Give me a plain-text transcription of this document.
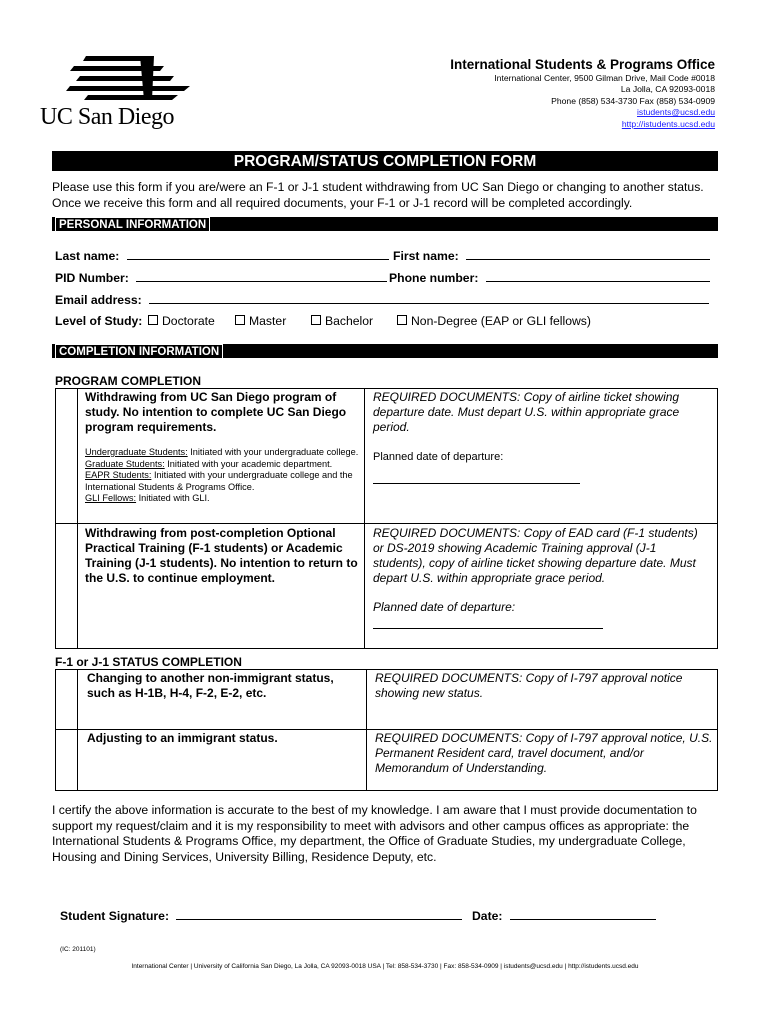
UC San Diego
International Students & Programs Office
International Center, 9500 Gilman Drive, Mail Code #0018
La Jolla, CA 92093-0018
Phone (858) 534-3730 Fax (858) 534-0909
istudents@ucsd.edu
http://istudents.ucsd.edu
PROGRAM/STATUS COMPLETION FORM
Please use this form if you are/were an F-1 or J-1 student withdrawing from UC San Diego or changing to another status. Once we receive this form and all required documents, your F-1 or J-1 record will be completed accordingly.
PERSONAL INFORMATION
Last name:	First name:
PID Number:	Phone number:
Email address:
Level of Study:	Doctorate	Master	Bachelor	Non-Degree (EAP or GLI fellows)
COMPLETION INFORMATION
PROGRAM COMPLETION
Withdrawing from UC San Diego program of study. No intention to complete UC San Diego program requirements.
Undergraduate Students: Initiated with your undergraduate college.
Graduate Students: Initiated with your academic department.
EAPR Students: Initiated with your undergraduate college and the International Students & Programs Office.
GLI Fellows: Initiated with GLI.
REQUIRED DOCUMENTS: Copy of airline ticket showing departure date. Must depart U.S. within appropriate grace period.
Planned date of departure:
Withdrawing from post-completion Optional Practical Training (F-1 students) or Academic Training (J-1 students). No intention to return to the U.S. to continue employment.
REQUIRED DOCUMENTS: Copy of EAD card (F-1 students) or DS-2019 showing Academic Training approval (J-1 students), copy of airline ticket showing departure date. Must depart U.S. within appropriate grace period.
Planned date of departure:
F-1 or J-1 STATUS COMPLETION
Changing to another non-immigrant status, such as H-1B, H-4, F-2, E-2, etc.
REQUIRED DOCUMENTS: Copy of I-797 approval notice showing new status.
Adjusting to an immigrant status.	REQUIRED DOCUMENTS: Copy of I-797 approval notice, U.S. Permanent Resident card, travel document, and/or Memorandum of Understanding.
I certify the above information is accurate to the best of my knowledge. I am aware that I must provide documentation to support my request/claim and it is my responsibility to meet with advisors and other campus offices as appropriate: the International Students & Programs Office, my department, the Office of Graduate Studies, my undergraduate College, Housing and Dining Services, University Billing, Residence Deputy, etc.
Student Signature:	Date:
(IC: 201101)
International Center | University of California San Diego, La Jolla, CA 92093-0018 USA | Tel: 858-534-3730 | Fax: 858-534-0909 | istudents@ucsd.edu | http://istudents.ucsd.edu
